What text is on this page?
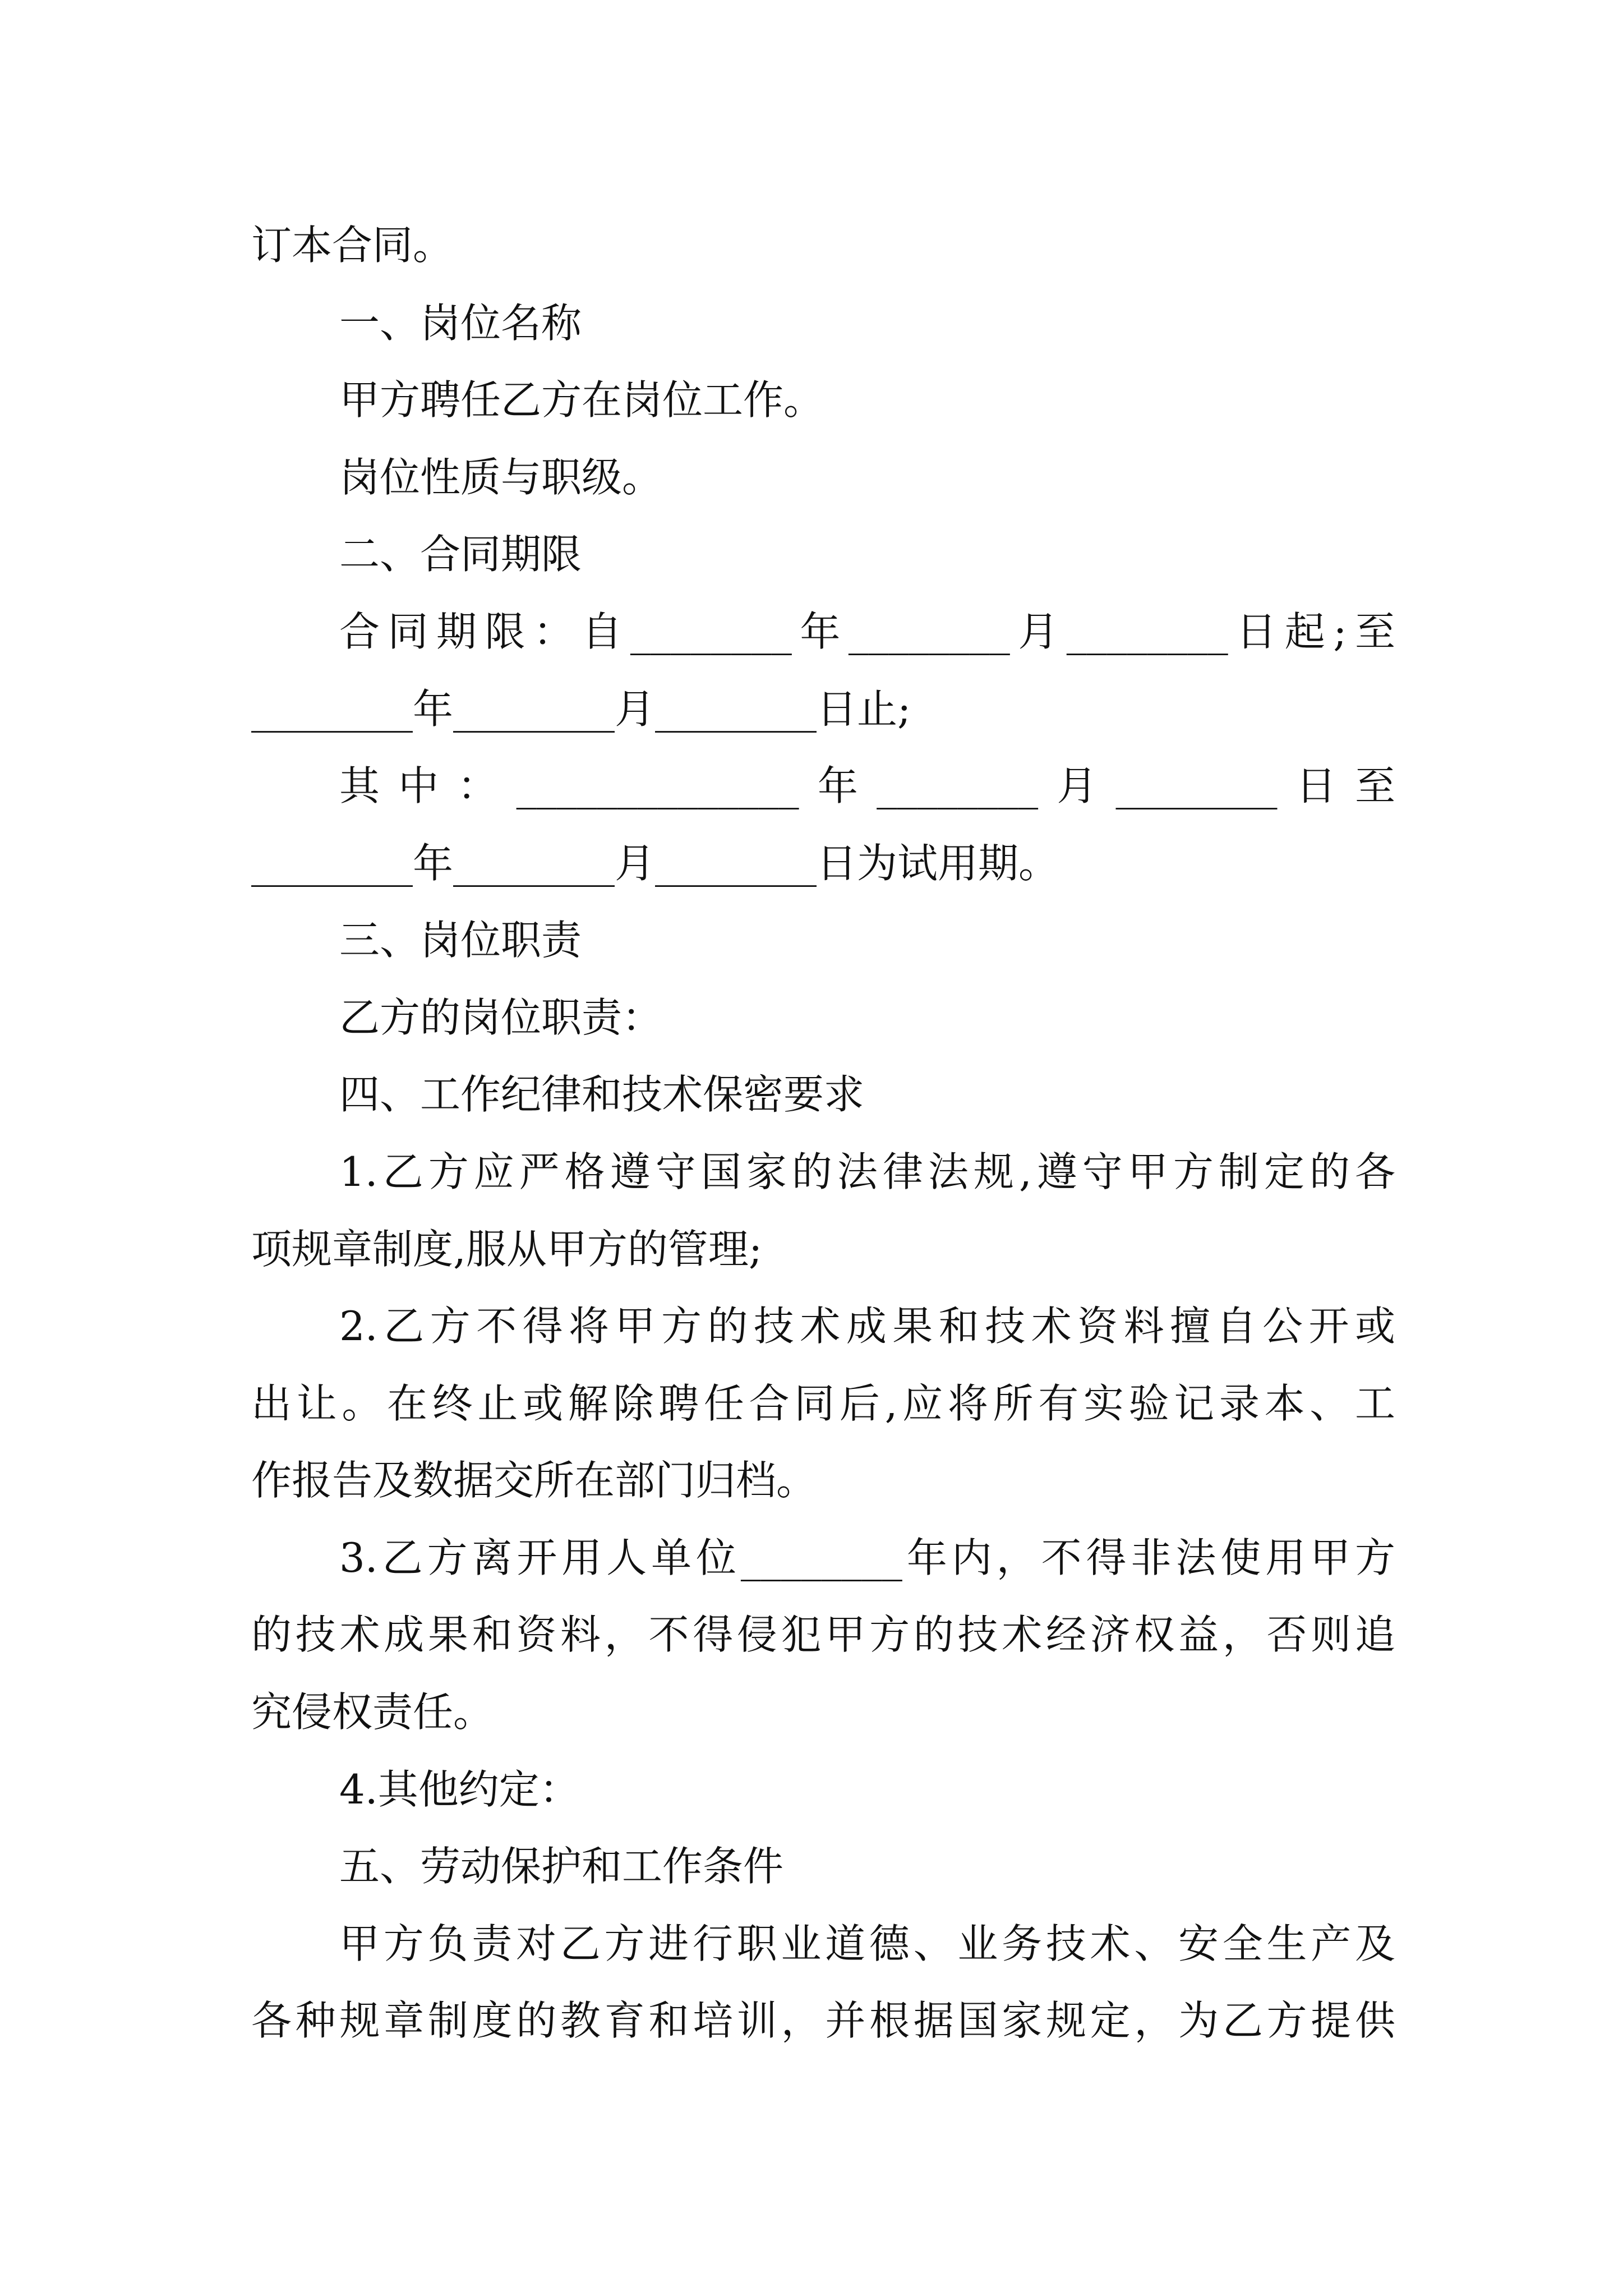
订本合同。
一、岗位名称
甲方聘任乙方在岗位工作。
岗位性质与职级。
二、合同期限
合同期限：自________年________月________日起;至
________年________月________日止;
其中：______________年________月________日至
________年________月________日为试用期。
三、岗位职责
乙方的岗位职责：
四、工作纪律和技术保密要求
1.乙方应严格遵守国家的法律法规,遵守甲方制定的各
项规章制度,服从甲方的管理;
2.乙方不得将甲方的技术成果和技术资料擅自公开或
出让。在终止或解除聘任合同后,应将所有实验记录本、工
作报告及数据交所在部门归档。
3.乙方离开用人单位________年内，不得非法使用甲方
的技术成果和资料，不得侵犯甲方的技术经济权益，否则追
究侵权责任。
4.其他约定：
五、劳动保护和工作条件
甲方负责对乙方进行职业道德、业务技术、安全生产及
各种规章制度的教育和培训，并根据国家规定，为乙方提供
